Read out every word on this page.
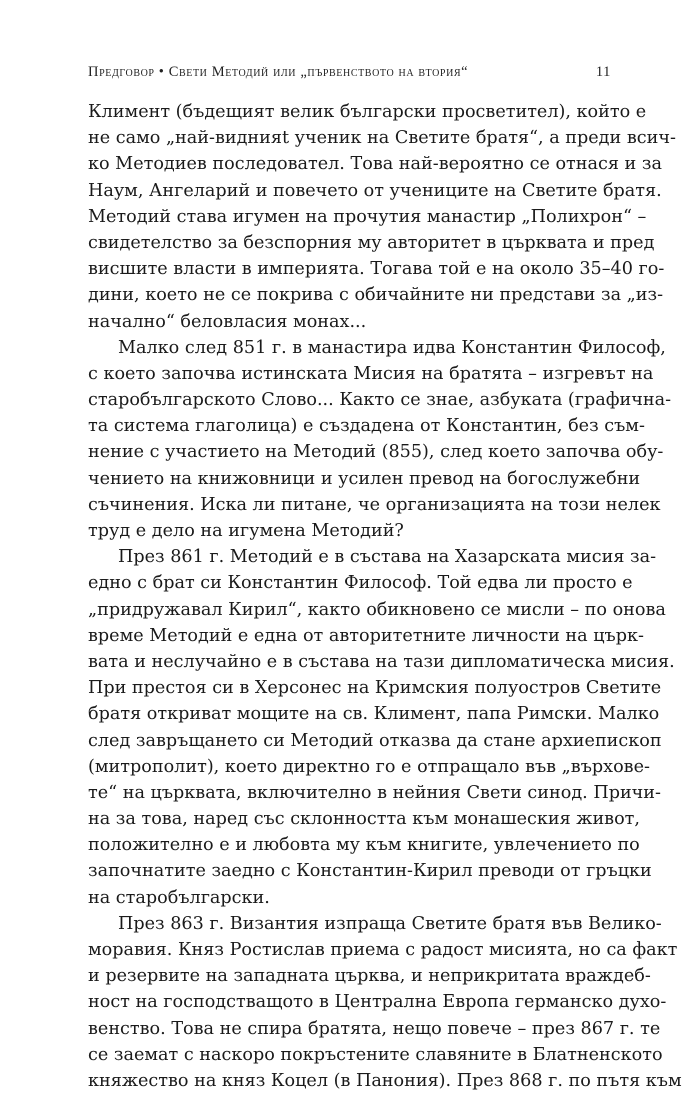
Предговор • Свети Методий или „първенството на втория“	11
Климент (бъдещият велик български просветител), който е
не само „най-виднияt ученик на Светите братя“, а преди всич-
ко Методиев последовател. Това най-вероятно се отнася и за
Наум, Ангеларий и повечето от учениците на Светите братя.
Методий става игумен на прочутия манастир „Полихрон“ –
свидетелство за безспорния му авторитет в църквата и пред
висшите власти в империята. Тогава той е на около 35–40 го-
дини, което не се покрива с обичайните ни представи за „из-
начално“ беловласия монах...
Малко след 851 г. в манастира идва Константин Философ,
с което започва истинската Мисия на братята – изгревът на
старобългарското Слово... Както се знае, азбуката (графична-
та система глаголица) е създадена от Константин, без съм-
нение с участието на Методий (855), след което започва обу-
чението на книжовници и усилен превод на богослужебни
съчинения. Иска ли питане, че организацията на този нелек
труд е дело на игумена Методий?
През 861 г. Методий е в състава на Хазарската мисия за-
едно с брат си Константин Философ. Той едва ли просто е
„придружавал Кирил“, както обикновено се мисли – по онова
време Методий е една от авторитетните личности на църк-
вата и неслучайно е в състава на тази дипломатическа мисия.
При престоя си в Херсонес на Кримския полуостров Светите
братя откриват мощите на св. Климент, папа Римски. Малко
след завръщането си Методий отказва да стане архиепископ
(митрополит), което директно го е отпращало във „върхове-
те“ на църквата, включително в нейния Свети синод. Причи-
на за това, наред със склонността към монашеския живот,
положително е и любовта му към книгите, увлечението по
започнатите заедно с Константин-Кирил преводи от гръцки
на старобългарски.
През 863 г. Византия изпраща Светите братя във Велико-
моравия. Княз Ростислав приема с радост мисията, но са факт
и резервите на западната църква, и неприкритата враждеб-
ност на господстващото в Централна Европа германско духо-
венство. Това не спира братята, нещо повече – през 867 г. те
се заемат с наскоро покръстените славяните в Блатненското
княжество на княз Коцел (в Панония). През 868 г. по пътя към
